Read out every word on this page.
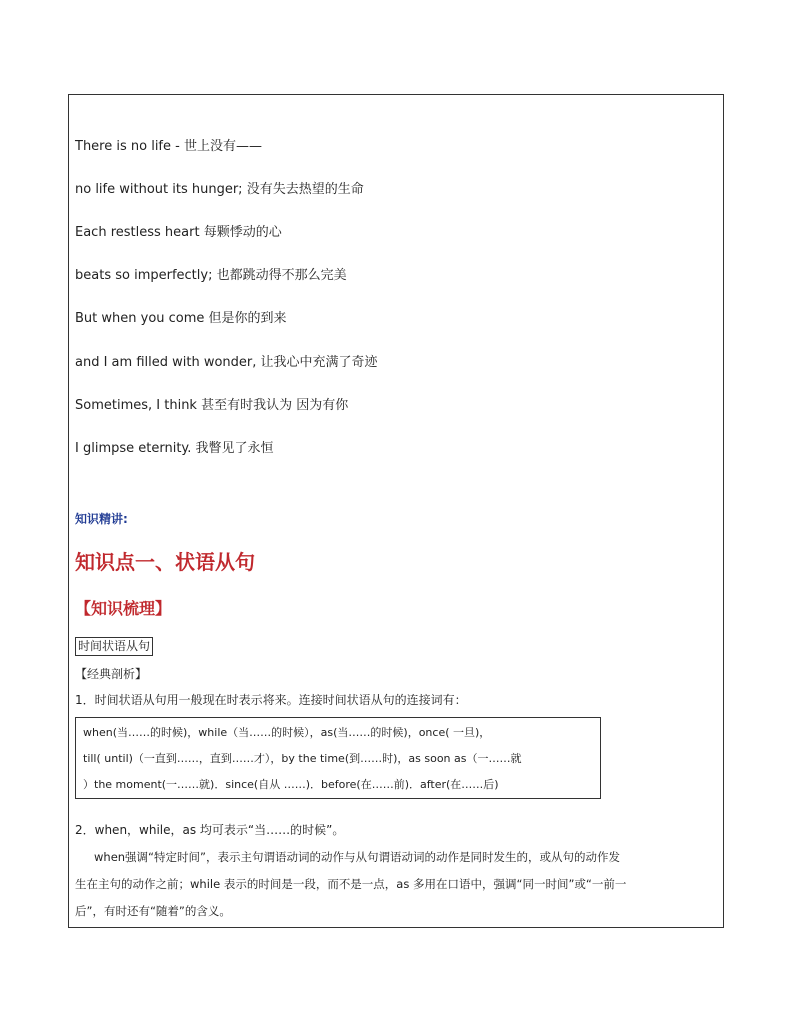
There is no life - 世上没有——
no life without its hunger; 没有失去热望的生命
Each restless heart 每颗悸动的心
beats so imperfectly; 也都跳动得不那么完美
But when you come 但是你的到来
and I am filled with wonder, 让我心中充满了奇迹
Sometimes, I think 甚至有时我认为 因为有你
I glimpse eternity. 我瞥见了永恒
知识精讲:
知识点一、状语从句
【知识梳理】
时间状语从句
【经典剖析】
1．时间状语从句用一般现在时表示将来。连接时间状语从句的连接词有：
when(当……的时候)，while（当……的时候），as(当……的时候)，once( 一旦)，
till( until)（一直到……，直到……才），by the time(到……时)，as soon as（一……就
）the moment(一……就)．since(自从 ……)．before(在……前)．after(在……后)
2．when，while，as 均可表示“当……的时候”。
when强调“特定时间”，表示主句谓语动词的动作与从句谓语动词的动作是同时发生的，或从句的动作发
生在主句的动作之前；while 表示的时间是一段，而不是一点，as 多用在口语中，强调“同一时间”或“一前一
后”，有时还有“随着”的含义。
